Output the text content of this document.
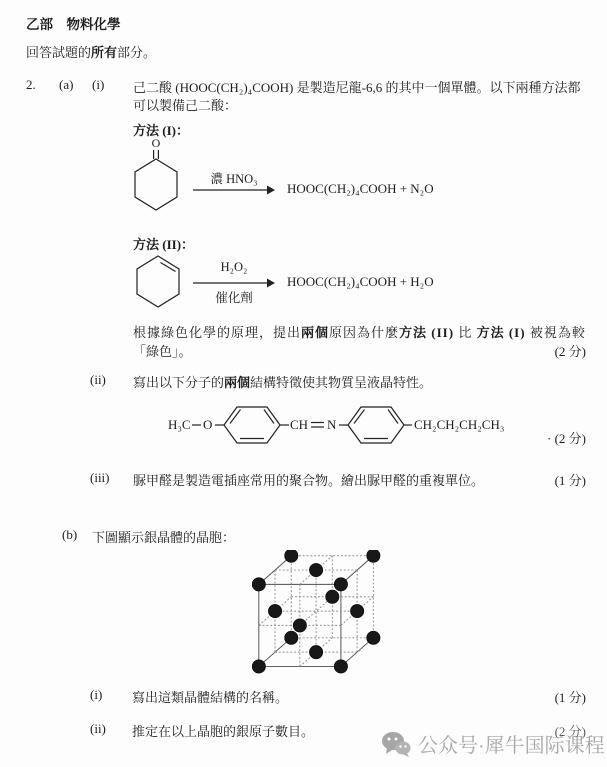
乙部　物料化學
回答試題的所有部分。
2. (a) (i) 己二酸 (HOOC(CH₂)₄COOH) 是製造尼龍-6,6 的其中一個單體。以下兩種方法都
可以製備己二酸：
方法 (I)：
O
濃 HNO₃
HOOC(CH₂)₄COOH + N₂O
方法 (II)：
H₂O₂
催化劑
HOOC(CH₂)₄COOH + H₂O
根據綠色化學的原理，提出兩個原因為什麼方法 (II) 比 方法 (I) 被視為較
「綠色」。	(2 分)
(ii) 寫出以下分子的兩個結構特徵使其物質呈液晶特性。
H₃C O	CH N	CH₂CH₂CH₂CH₃
· (2 分)
(iii) 脲甲醛是製造電插座常用的聚合物。繪出脲甲醛的重複單位。	(1 分)
(b) 下圖顯示銀晶體的晶胞：
(i) 寫出這類晶體結構的名稱。	(1 分)
(ii) 推定在以上晶胞的銀原子數目。	(2 分)
公众号·犀牛国际课程
